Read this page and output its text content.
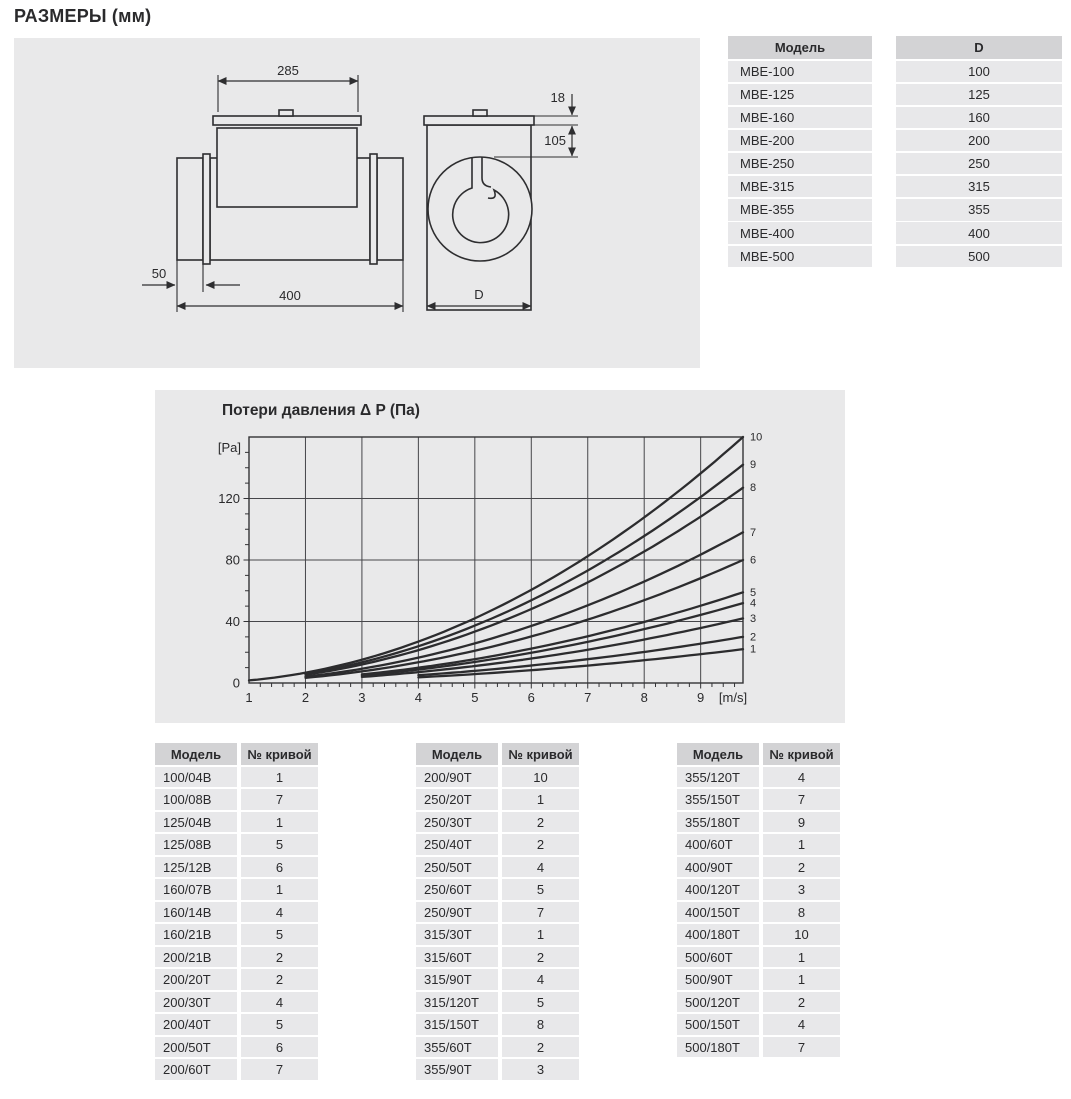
РАЗМЕРЫ (мм)
285
50
400
18
105
D
Модель	D
MBE-100	100
MBE-125	125
MBE-160	160
MBE-200	200
MBE-250	250
MBE-315	315
MBE-355	355
MBE-400	400
MBE-500	500
Потери давления Δ P (Па)
1
2
3
4
5
6
7
8
9
10
1	2	3	4	5	6	7	8	9 [m/s]
0
40
80
120
[Pa]
Модель	№ кривой
100/04B	1
100/08B	7
125/04B	1
125/08B	5
125/12B	6
160/07B	1
160/14B	4
160/21B	5
200/21B	2
200/20T	2
200/30T	4
200/40T	5
200/50T	6
200/60T	7
Модель	№ кривой
200/90T	10
250/20T	1
250/30T	2
250/40T	2
250/50T	4
250/60T	5
250/90T	7
315/30T	1
315/60T	2
315/90T	4
315/120T	5
315/150T	8
355/60T	2
355/90T	3
Модель	№ кривой
355/120T	4
355/150T	7
355/180T	9
400/60T	1
400/90T	2
400/120T	3
400/150T	8
400/180T	10
500/60T	1
500/90T	1
500/120T	2
500/150T	4
500/180T	7
